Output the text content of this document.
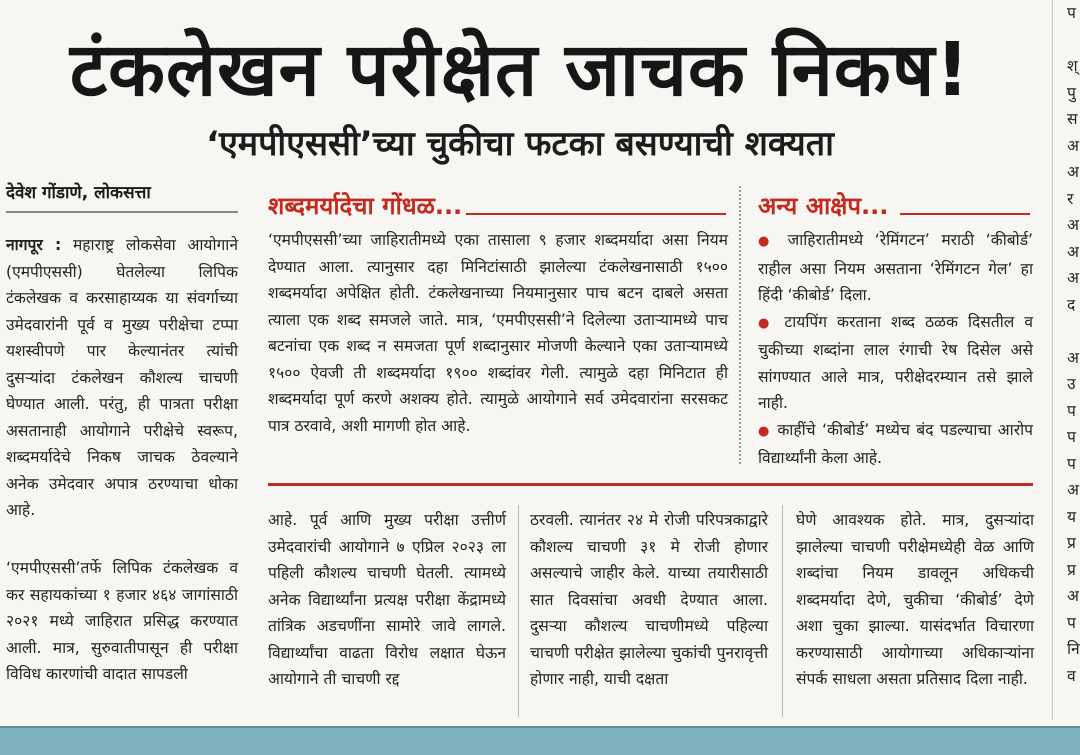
टंकलेखन परीक्षेत जाचक निकष!
‘एमपीएससी’च्या चुकीचा फटका बसण्याची शक्यता
देवेश गोंडाणे, लोकसत्ता
नागपूर : महाराष्ट्र लोकसेवा आयोगाने (एमपीएससी) घेतलेल्या लिपिक टंकलेखक व करसाहाय्यक या संवर्गाच्या उमेदवारांनी पूर्व व मुख्य परीक्षेचा टप्पा यशस्वीपणे पार केल्यानंतर त्यांची दुसऱ्यांदा टंकलेखन कौशल्य चाचणी घेण्यात आली. परंतु, ही पात्रता परीक्षा असतानाही आयोगाने परीक्षेचे स्वरूप, शब्दमर्यादेचे निकष जाचक ठेवल्याने अनेक उमेदवार अपात्र ठरण्याचा धोका आहे.
‘एमपीएससी’तर्फे लिपिक टंकलेखक व कर सहायकांच्या १ हजार ४६४ जागांसाठी २०२१ मध्ये जाहिरात प्रसिद्ध करण्यात आली. मात्र, सुरुवातीपासून ही परीक्षा विविध कारणांची वादात सापडली
शब्दमर्यादेचा गोंधळ...
‘एमपीएससी’च्या जाहिरातीमध्ये एका तासाला ९ हजार शब्दमर्यादा असा नियम देण्यात आला. त्यानुसार दहा मिनिटांसाठी झालेल्या टंकलेखनासाठी १५०० शब्दमर्यादा अपेक्षित होती. टंकलेखनाच्या नियमानुसार पाच बटन दाबले असता त्याला एक शब्द समजले जाते. मात्र, ‘एमपीएससी’ने दिलेल्या उताऱ्यामध्ये पाच बटनांचा एक शब्द न समजता पूर्ण शब्दानुसार मोजणी केल्याने एका उताऱ्यामध्ये १५०० ऐवजी ती शब्दमर्यादा १९०० शब्दांवर गेली. त्यामुळे दहा मिनिटात ही शब्दमर्यादा पूर्ण करणे अशक्य होते. त्यामुळे आयोगाने सर्व उमेदवारांना सरसकट पात्र ठरवावे, अशी मागणी होत आहे.
अन्य आक्षेप...
● जाहिरातीमध्ये ‘रेमिंगटन’ मराठी ‘कीबोर्ड’ राहील असा नियम असताना ‘रेमिंगटन गेल’ हा हिंदी ‘कीबोर्ड’ दिला.
● टायपिंग करताना शब्द ठळक दिसतील व चुकीच्या शब्दांना लाल रंगाची रेष दिसेल असे सांगण्यात आले मात्र, परीक्षेदरम्यान तसे झाले नाही.
● काहींचे ‘कीबोर्ड’ मध्येच बंद पडल्याचा आरोप विद्यार्थ्यांनी केला आहे.
आहे. पूर्व आणि मुख्य परीक्षा उत्तीर्ण उमेदवारांची आयोगाने ७ एप्रिल २०२३ ला पहिली कौशल्य चाचणी घेतली. त्यामध्ये अनेक विद्यार्थ्यांना प्रत्यक्ष परीक्षा केंद्रामध्ये तांत्रिक अडचणींना सामोरे जावे लागले. विद्यार्थ्यांचा वाढता विरोध लक्षात घेऊन आयोगाने ती चाचणी रद्द
ठरवली. त्यानंतर २४ मे रोजी परिपत्रकाद्वारे कौशल्य चाचणी ३१ मे रोजी होणार असल्याचे जाहीर केले. याच्या तयारीसाठी सात दिवसांचा अवधी देण्यात आला. दुसऱ्या कौशल्य चाचणीमध्ये पहिल्या चाचणी परीक्षेत झालेल्या चुकांची पुनरावृत्ती होणार नाही, याची दक्षता
घेणे आवश्यक होते. मात्र, दुसऱ्यांदा झालेल्या चाचणी परीक्षेमध्येही वेळ आणि शब्दांचा नियम डावलून अधिकची शब्दमर्यादा देणे, चुकीचा ‘कीबोर्ड’ देणे अशा चुका झाल्या. यासंदर्भात विचारणा करण्यासाठी आयोगाच्या अधिकाऱ्यांना संपर्क साधला असता प्रतिसाद दिला नाही.
प

श्
पु
स
अ
अ
र
अ
अ
अ
द

अ
उ
प
प
प
अ
य
प्र
प्र
अ
प
नि
व
